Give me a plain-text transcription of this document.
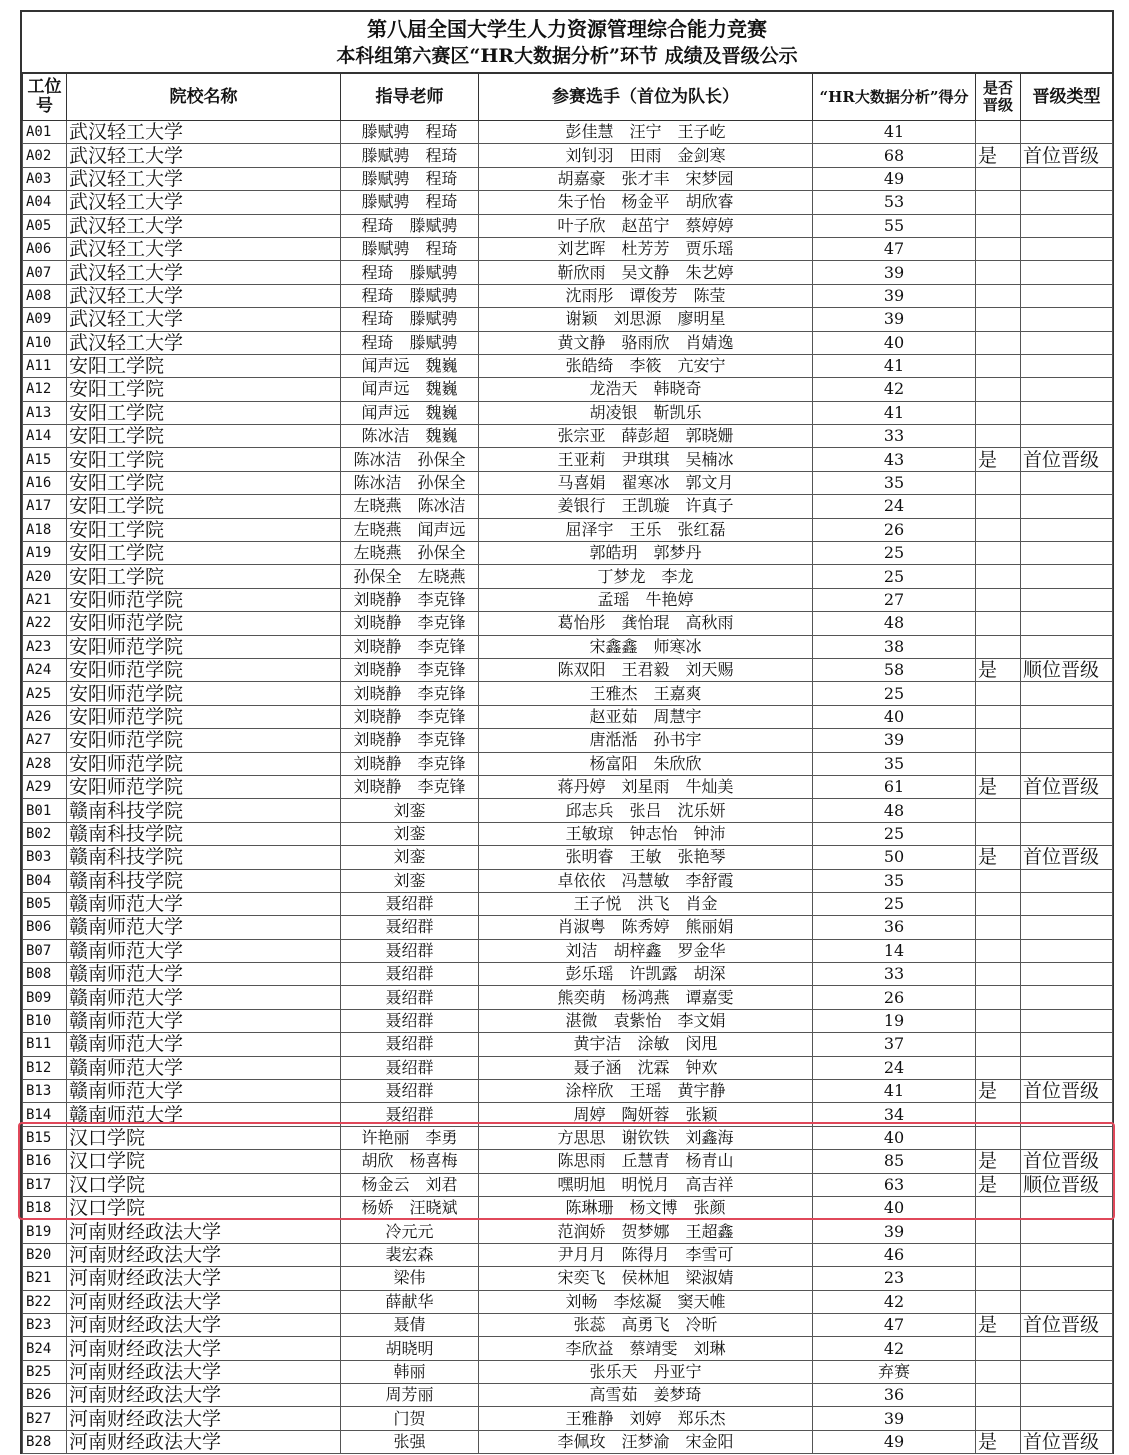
第八届全国大学生人力资源管理综合能力竞赛
本科组第六赛区“HR大数据分析”环节 成绩及晋级公示
工位号	院校名称	指导老师	参赛选手（首位为队长）	“HR大数据分析”得分	是否晋级	晋级类型
A01	武汉轻工大学	滕赋骋　程琦	彭佳慧　汪宁　王子屹	41		
A02	武汉轻工大学	滕赋骋　程琦	刘钊羽　田雨　金剑寒	68	是	首位晋级
A03	武汉轻工大学	滕赋骋　程琦	胡嘉豪　张才丰　宋梦园	49		
A04	武汉轻工大学	滕赋骋　程琦	朱子怡　杨金平　胡欣睿	53		
A05	武汉轻工大学	程琦　滕赋骋	叶子欣　赵茁宁　蔡婷婷	55		
A06	武汉轻工大学	滕赋骋　程琦	刘艺晖　杜芳芳　贾乐瑶	47		
A07	武汉轻工大学	程琦　滕赋骋	靳欣雨　吴文静　朱艺婷	39		
A08	武汉轻工大学	程琦　滕赋骋	沈雨彤　谭俊芳　陈莹	39		
A09	武汉轻工大学	程琦　滕赋骋	谢颖　刘思源　廖明星	39		
A10	武汉轻工大学	程琦　滕赋骋	黄文静　骆雨欣　肖婧逸	40		
A11	安阳工学院	闻声远　魏巍	张皓绮　李筱　亢安宁	41		
A12	安阳工学院	闻声远　魏巍	龙浩天　韩晓奇	42		
A13	安阳工学院	闻声远　魏巍	胡凌银　靳凯乐	41		
A14	安阳工学院	陈冰洁　魏巍	张宗亚　薛彭超　郭晓姗	33		
A15	安阳工学院	陈冰洁　孙保全	王亚莉　尹琪琪　吴楠冰	43	是	首位晋级
A16	安阳工学院	陈冰洁　孙保全	马喜娟　翟寒冰　郭文月	35		
A17	安阳工学院	左晓燕　陈冰洁	姜银行　王凯璇　许真子	24		
A18	安阳工学院	左晓燕　闻声远	屈泽宇　王乐　张红磊	26		
A19	安阳工学院	左晓燕　孙保全	郭皓玥　郭梦丹	25		
A20	安阳工学院	孙保全　左晓燕	丁梦龙　李龙	25		
A21	安阳师范学院	刘晓静　李克锋	孟瑶　牛艳婷	27		
A22	安阳师范学院	刘晓静　李克锋	葛怡彤　龚怡琨　高秋雨	48		
A23	安阳师范学院	刘晓静　李克锋	宋鑫鑫　师寒冰	38		
A24	安阳师范学院	刘晓静　李克锋	陈双阳　王君毅　刘天赐	58	是	顺位晋级
A25	安阳师范学院	刘晓静　李克锋	王雅杰　王嘉爽	25		
A26	安阳师范学院	刘晓静　李克锋	赵亚茹　周慧宇	40		
A27	安阳师范学院	刘晓静　李克锋	唐湉湉　孙书宇	39		
A28	安阳师范学院	刘晓静　李克锋	杨富阳　朱欣欣	35		
A29	安阳师范学院	刘晓静　李克锋	蒋丹婷　刘星雨　牛灿美	61	是	首位晋级
B01	赣南科技学院	刘銮	邱志兵　张吕　沈乐妍	48		
B02	赣南科技学院	刘銮	王敏琼　钟志怡　钟沛	25		
B03	赣南科技学院	刘銮	张明睿　王敏　张艳琴	50	是	首位晋级
B04	赣南科技学院	刘銮	卓依依　冯慧敏　李舒霞	35		
B05	赣南师范大学	聂绍群	王子悦　洪飞　肖金	25		
B06	赣南师范大学	聂绍群	肖淑粤　陈秀婷　熊丽娟	36		
B07	赣南师范大学	聂绍群	刘洁　胡梓鑫　罗金华	14		
B08	赣南师范大学	聂绍群	彭乐瑶　许凯露　胡深	33		
B09	赣南师范大学	聂绍群	熊奕萌　杨鸿燕　谭嘉雯	26		
B10	赣南师范大学	聂绍群	湛微　袁紫怡　李文娟	19		
B11	赣南师范大学	聂绍群	黄宇洁　涂敏　闵甩	37		
B12	赣南师范大学	聂绍群	聂子涵　沈霖　钟欢	24		
B13	赣南师范大学	聂绍群	涂梓欣　王瑶　黄宇静	41	是	首位晋级
B14	赣南师范大学	聂绍群	周婷　陶妍蓉　张颖	34		
B15	汉口学院	许艳丽　李勇	方思思　谢钦铁　刘鑫海	40		
B16	汉口学院	胡欣　杨喜梅	陈思雨　丘慧青　杨青山	85	是	首位晋级
B17	汉口学院	杨金云　刘君	嘿明旭　明悦月　高吉祥	63	是	顺位晋级
B18	汉口学院	杨娇　汪晓斌	陈琳珊　杨文博　张颜	40		
B19	河南财经政法大学	冷元元	范润娇　贺梦娜　王超鑫	39		
B20	河南财经政法大学	裴宏森	尹月月　陈得月　李雪可	46		
B21	河南财经政法大学	梁伟	宋奕飞　侯林旭　梁淑婧	23		
B22	河南财经政法大学	薛献华	刘畅　李炫凝　窦天帷	42		
B23	河南财经政法大学	聂倩	张蕊　高勇飞　冷昕	47	是	首位晋级
B24	河南财经政法大学	胡晓明	李欣益　蔡靖雯　刘琳	42		
B25	河南财经政法大学	韩丽	张乐天　丹亚宁	弃赛		
B26	河南财经政法大学	周芳丽	高雪茹　姜梦琦	36		
B27	河南财经政法大学	门贺	王雅静　刘婷　郑乐杰	39		
B28	河南财经政法大学	张强	李佩玫　汪梦渝　宋金阳	49	是	首位晋级
